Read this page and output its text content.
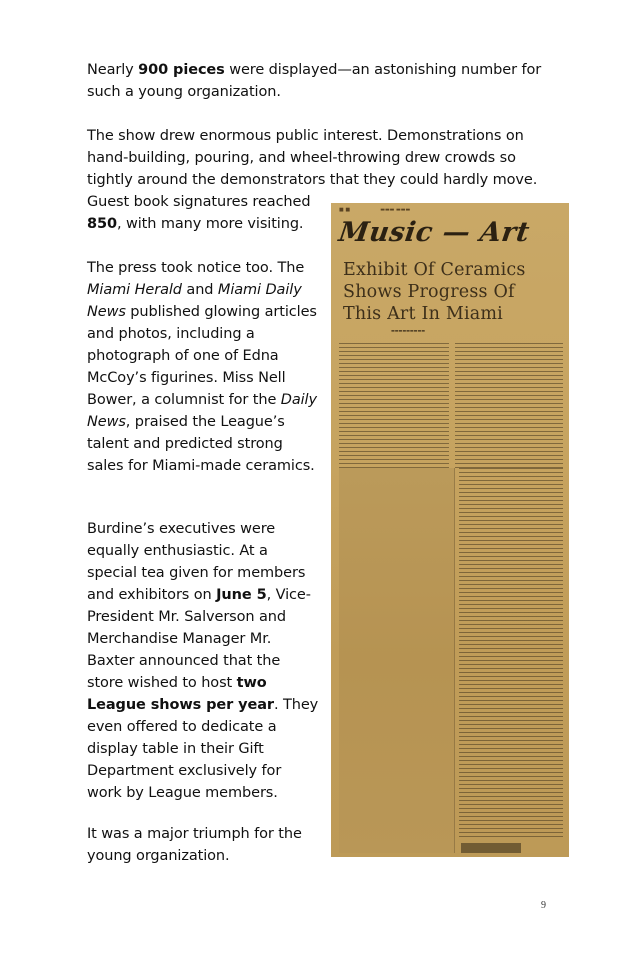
Nearly 900 pieces were displayed—an astonishing number for such a young organization.

The show drew enormous public interest. Demonstrations on hand-building, pouring, and wheel-throwing drew crowds so tightly around the demonstrators that they could hardly move.

Guest book signatures reached 850, with many more visiting.

The press took notice too. The Miami Herald and Miami Daily News published glowing articles and photos, including a photograph of one of Edna McCoy’s figurines. Miss Nell Bower, a columnist for the Daily News, praised the League’s talent and predicted strong sales for Miami-made ceramics.

Burdine’s executives were equally enthusiastic. At a special tea given for members and exhibitors on June 5, Vice-President Mr. Salverson and Merchandise Manager Mr. Baxter announced that the store wished to host two League shows per year. They even offered to dedicate a display table in their Gift Department exclusively for work by League members.

It was a major triumph for the young organization.

■ ■                   ▬▬▬ ▬▬▬
Music — Art
Exhibit Of Ceramics
Shows Progress Of
This Art In Miami
▬▬▬▬▬▬▬▬▬
9
